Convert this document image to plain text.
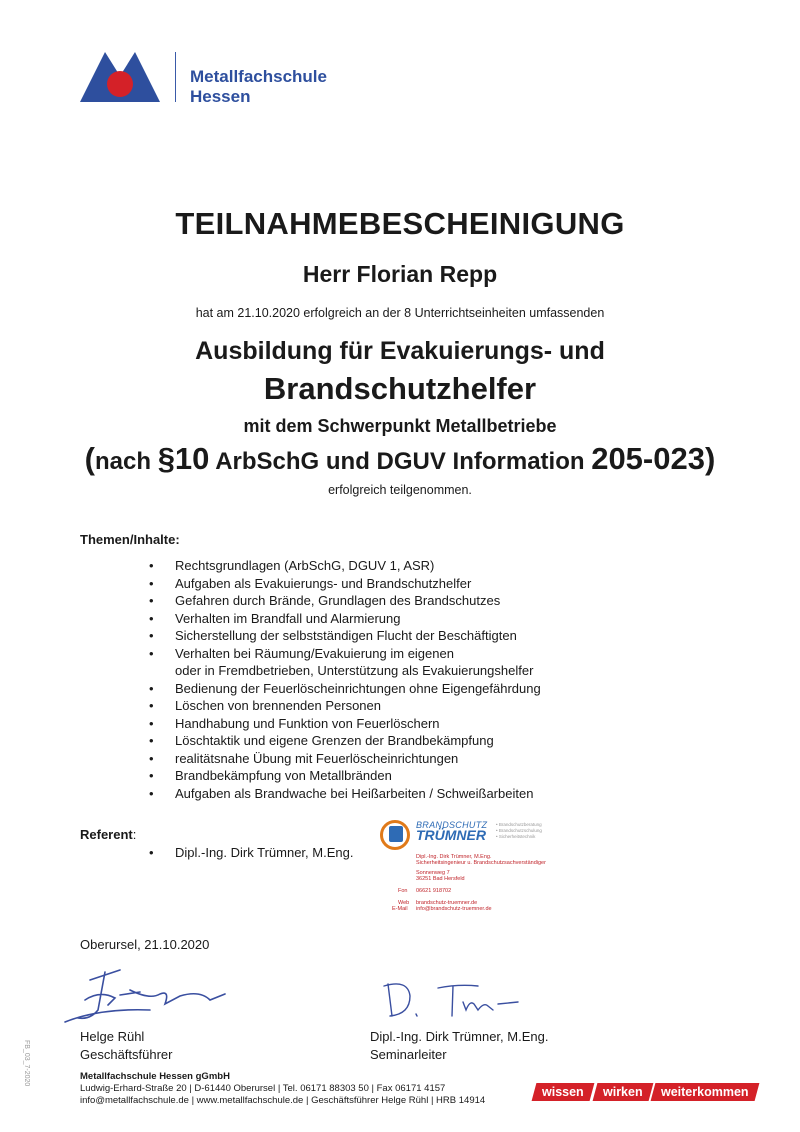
Metallfachschule
Hessen
TEILNAHMEBESCHEINIGUNG
Herr Florian Repp
hat am 21.10.2020 erfolgreich an der 8 Unterrichtseinheiten umfassenden
Ausbildung für Evakuierungs- und
Brandschutzhelfer
mit dem Schwerpunkt Metallbetriebe
(nach §10 ArbSchG und DGUV Information 205-023)
erfolgreich teilgenommen.
Themen/Inhalte:
• Rechtsgrundlagen (ArbSchG, DGUV 1, ASR)
• Aufgaben als Evakuierungs- und Brandschutzhelfer
• Gefahren durch Brände, Grundlagen des Brandschutzes
• Verhalten im Brandfall und Alarmierung
• Sicherstellung der selbstständigen Flucht der Beschäftigten
• Verhalten bei Räumung/Evakuierung im eigenen
oder in Fremdbetrieben, Unterstützung als Evakuierungshelfer
• Bedienung der Feuerlöscheinrichtungen ohne Eigengefährdung
• Löschen von brennenden Personen
• Handhabung und Funktion von Feuerlöschern
• Löschtaktik und eigene Grenzen der Brandbekämpfung
• realitätsnahe Übung mit Feuerlöscheinrichtungen
• Brandbekämpfung von Metallbränden
• Aufgaben als Brandwache bei Heißarbeiten / Schweißarbeiten
Referent:
• Dipl.-Ing. Dirk Trümner, M.Eng.
BRANDSCHUTZ
TRÜMNER
• Brandschutzberatung
• Brandschutzschulung
• Sicherheitstechnik
Dipl.-Ing. Dirk Trümner, M.Eng.
Sicherheitsingenieur u. Brandschutzsachverständiger
Sonnenweg 7
36251 Bad Hersfeld
Fon 06621 918702
Web brandschutz-truemner.de
E-Mail info@brandschutz-truemner.de
Oberursel, 21.10.2020
Helge Rühl
Geschäftsführer
Dipl.-Ing. Dirk Trümner, M.Eng.
Seminarleiter
FB_03_7-2020	Metallfachschule Hessen gGmbH
Ludwig-Erhard-Straße 20 | D-61440 Oberursel | Tel. 06171 88303 50 | Fax 06171 4157
info@metallfachschule.de | www.metallfachschule.de | Geschäftsführer Helge Rühl | HRB 14914
wissen	wirken	weiterkommen
